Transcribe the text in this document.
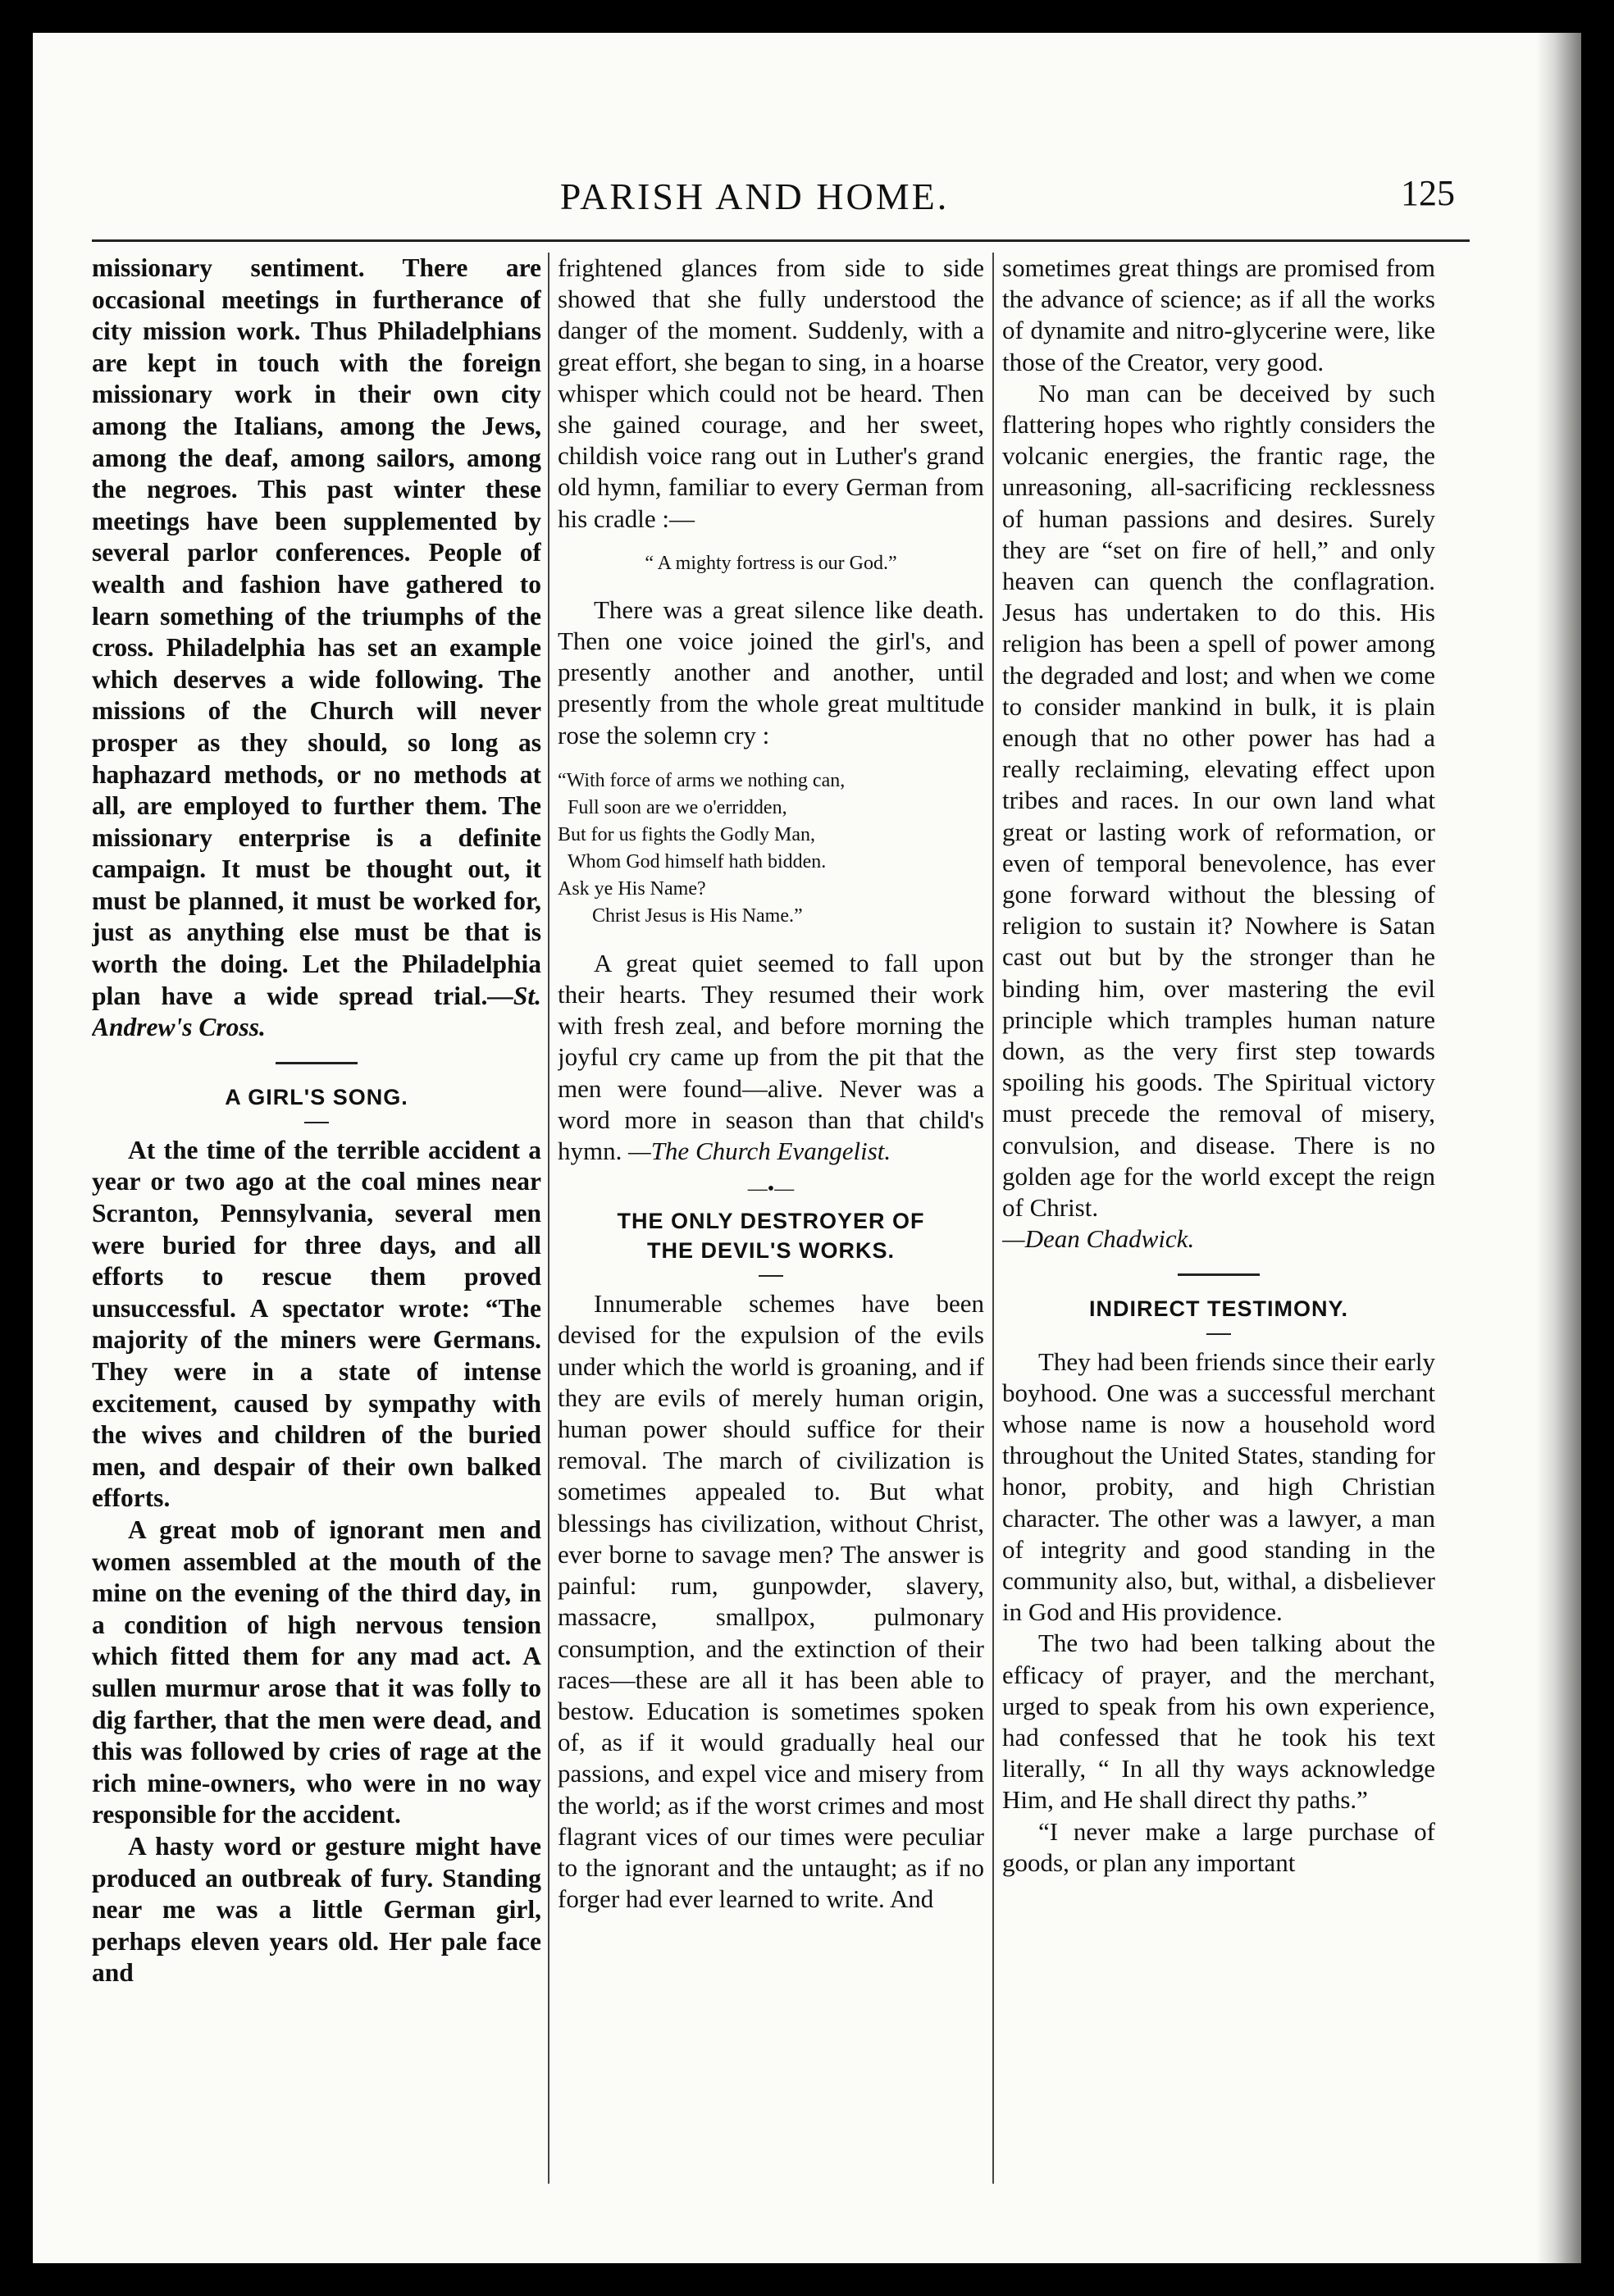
PARISH AND HOME.	125

missionary sentiment. There are occasional meetings in furtherance of city mission work. Thus Philadelphians are kept in touch with the foreign missionary work in their own city among the Italians, among the Jews, among the deaf, among sailors, among the negroes. This past winter these meetings have been supplemented by several parlor conferences. People of wealth and fashion have gathered to learn something of the triumphs of the cross. Philadelphia has set an example which deserves a wide following. The missions of the Church will never prosper as they should, so long as haphazard methods, or no methods at all, are employed to further them. The missionary enterprise is a definite campaign. It must be thought out, it must be planned, it must be worked for, just as anything else must be that is worth the doing. Let the Philadelphia plan have a wide spread trial.—St. Andrew's Cross.

A GIRL'S SONG.

At the time of the terrible accident a year or two ago at the coal mines near Scranton, Pennsylvania, several men were buried for three days, and all efforts to rescue them proved unsuccessful. A spectator wrote: “The majority of the miners were Germans. They were in a state of intense excitement, caused by sympathy with the wives and children of the buried men, and despair of their own balked efforts.

A great mob of ignorant men and women assembled at the mouth of the mine on the evening of the third day, in a condition of high nervous tension which fitted them for any mad act. A sullen murmur arose that it was folly to dig farther, that the men were dead, and this was followed by cries of rage at the rich mine-owners, who were in no way responsible for the accident.

A hasty word or gesture might have produced an outbreak of fury. Standing near me was a little German girl, perhaps eleven years old. Her pale face and

frightened glances from side to side showed that she fully understood the danger of the moment. Suddenly, with a great effort, she began to sing, in a hoarse whisper which could not be heard. Then she gained courage, and her sweet, childish voice rang out in Luther's grand old hymn, familiar to every German from his cradle :—

“ A mighty fortress is our God.”

There was a great silence like death. Then one voice joined the girl's, and presently another and another, until presently from the whole great multitude rose the solemn cry :

“With force of arms we nothing can,
Full soon are we o'erridden,
But for us fights the Godly Man,
Whom God himself hath bidden.
Ask ye His Name?
Christ Jesus is His Name.”

A great quiet seemed to fall upon their hearts. They resumed their work with fresh zeal, and before morning the joyful cry came up from the pit that the men were found—alive. Never was a word more in season than that child's hymn. —The Church Evangelist.

—•—
THE ONLY DESTROYER OF
THE DEVIL'S WORKS.

Innumerable schemes have been devised for the expulsion of the evils under which the world is groaning, and if they are evils of merely human origin, human power should suffice for their removal. The march of civilization is sometimes appealed to. But what blessings has civilization, without Christ, ever borne to savage men? The answer is painful: rum, gunpowder, slavery, massacre, smallpox, pulmonary consumption, and the extinction of their races—these are all it has been able to bestow. Education is sometimes spoken of, as if it would gradually heal our passions, and expel vice and misery from the world; as if the worst crimes and most flagrant vices of our times were peculiar to the ignorant and the untaught; as if no forger had ever learned to write. And

sometimes great things are promised from the advance of science; as if all the works of dynamite and nitro-glycerine were, like those of the Creator, very good.

No man can be deceived by such flattering hopes who rightly considers the volcanic energies, the frantic rage, the unreasoning, all-sacrificing recklessness of human passions and desires. Surely they are “set on fire of hell,” and only heaven can quench the conflagration. Jesus has undertaken to do this. His religion has been a spell of power among the degraded and lost; and when we come to consider mankind in bulk, it is plain enough that no other power has had a really reclaiming, elevating effect upon tribes and races. In our own land what great or lasting work of reformation, or even of temporal benevolence, has ever gone forward without the blessing of religion to sustain it? Nowhere is Satan cast out but by the stronger than he binding him, over mastering the evil principle which tramples human nature down, as the very first step towards spoiling his goods. The Spiritual victory must precede the removal of misery, convulsion, and disease. There is no golden age for the world except the reign of Christ.

—Dean Chadwick.

INDIRECT TESTIMONY.

They had been friends since their early boyhood. One was a successful merchant whose name is now a household word throughout the United States, standing for honor, probity, and high Christian character. The other was a lawyer, a man of integrity and good standing in the community also, but, withal, a disbeliever in God and His providence.

The two had been talking about the efficacy of prayer, and the merchant, urged to speak from his own experience, had confessed that he took his text literally, “ In all thy ways acknowledge Him, and He shall direct thy paths.”

“I never make a large purchase of goods, or plan any important
